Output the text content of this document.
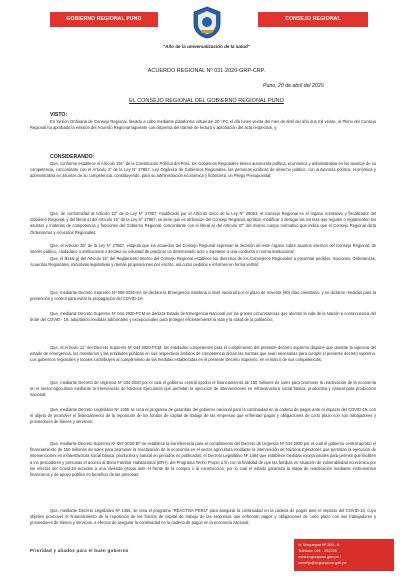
GOBIERNO REGIONAL PUNO	CONSEJO REGIONAL
"Año de la universalización de la salud"
ACUERDO REGIONAL Nº 031-2020-GRP-CRP.
Puno, 20 de abril del 2020.
EL CONSEJO REGIONAL DEL GOBIERNO REGIONAL PUNO
VISTO:
En Sesión Ordinaria de Consejo Regional, llevado a cabo mediante plataforma virtual así 20 l PC el día lunes veinte del mes de abril del año dos mil veinte, el Pleno del Consejo Regional ha aprobado la emisión del Acuerdo Regional siguiente con dispensa del trámite de lectura y aprobación del acta respectiva, y;
CONSIDERANDO:
Que, conforme establece el Artículo 191° de la Constitución Política del Perú, los Gobiernos Regionales tienen autonomía política, económica y administrativa en los asuntos de su competencia, concordante con el Artículo 2° de la Ley N° 27867, Ley Orgánica de Gobiernos Regionales, las personas jurídicas de derecho público, con autonomía política, económica y administrativa en asuntos de su competencia, constituyendo, para su administración económica y financiera, un Pliego Presupuestal;
Que, de conformidad al Artículo 13° de la Ley N° 27867, modificado por el Artículo único de la Ley N° 29053, el Consejo Regional es el órgano normativo y fiscalizador del Gobierno Regional, y del literal a) del Artículo 15° de la Ley N° 27867, se tiene que es atribución del Consejo Regional, aprobar, modificar o derogar las normas que regulen o reglamenten los asuntos y materias de competencia y funciones del Gobierno Regional, concordante con el literal a) del Artículo 37° del mismo cuerpo normativo que indica que el Consejo Regional dicta Ordenanzas y Acuerdos Regionales;
Que, el Artículo 39° de la Ley N° 27867, estipula que los acuerdos del Consejo Regional expresan la decisión de este órgano sobre asuntos internos del Consejo Regional, de interés público, ciudadano o institucional o declara su voluntad de practicar un determinado acto o sujetarse a una conducta o norma institucional;
Que, el literal g) del Artículo 15° del Reglamento Interno del Consejo Regional establece los derechos de los Consejeros Regionales a presentar pedidos, mociones, Ordenanzas, Acuerdos Regionales, iniciativas legislativas y demás proposiciones por escrito, así como pedidos e informes en forma verbal;
Que, mediante Decreto Supremo Nº 008-2020-SA se declara la Emergencia Sanitaria a nivel nacional por el plazo de noventa (90) días calendario, y se dictaron medidas para la prevención y control para evitar la propagación del COVID-19;
Que, mediante Decreto Supremo Nº 044-2020-PCM se declara Estado de Emergencia Nacional por las graves circunstancias que afectan la vida de la Nación a consecuencia del brote del COVID - 19, adoptando medidas adicionales y excepcionales para proteger eficientemente la vida y la salud de la población;
Que, el Artículo 11° del Decreto Supremo Nº 044-2020-PCM, las entidades competentes para el cumplimiento del presente decreto supremo dispone que durante la vigencia del estado de emergencia, los ministerios y las entidades públicas en sus respectivos ámbitos de competencia dictan las normas que sean necesarias para cumplir el presente decreto supremo. Los gobiernos regionales y locales contribuyen al cumplimiento de las medidas establecidas en el presente Decreto Supremo, en el marco de sus competencias;
Que, mediante Decreto de Urgencia Nº 034-2020 por el cual el gobierno central aprobó el financiamiento de 150 millones de soles para promover la reactivación de la economía en el sector agricultura mediante la intervención de Núcleos Ejecutores que permitan la ejecución de intervenciones en infraestructura social básica, productiva y natural para producción nacional;
Que, mediante Decreto Legislativo Nº 1455 se crea el programa de garantías del gobierno nacional para la continuidad en la cadena de pagos ante el impacto del COVID-19, con el objeto de promover el financiamiento de la reposición de los fondos de capital de trabajo de las empresas que enfrentan pagos y obligaciones de corto plazo con sus trabajadores y proveedores de bienes y servicios;
Que, mediante Decreto Supremo Nº 057-2020-EF se establece la transferencia para el cumplimiento del Decreto de Urgencia Nº 034-2020 por el cual el gobierno central aprobó el financiamiento de 150 millones de soles para promover la reactivación de la economía en el sector agricultura mediante la intervención de Núcleos Ejecutores que permitan la ejecución de intervenciones en infraestructura social básica, productiva y natural en periodos no publicados; el Decreto Legislativo Nº 1464 que establece medidas excepcionales para permitir que faciliten a los pescadores y personas el acceso al Bono Familiar Habitacional (BFH), del Programa Techo Propio a fin con la finalidad de que las familias en situación de vulnerabilidad económica por los efectos del Covid-19 accedan a una vivienda propia ante el frente de la compra o la construcción, por lo cual el estado garantiza la etapa de reactivación mediante instrumentos financieros y de apoyo público en beneficio de las personas;
Que, mediante Decreto Legislativo Nº 1455, se crea el programa "REACTIVA PERÚ" para asegurar la continuidad en la cadena de pagos ante el impacto del COVID-19, cuyo objetivo promover el financiamiento de la reposición de los fondos de capital de trabajo de las empresas que enfrentan pagos y obligaciones de corto plazo con sus trabajadores y proveedores de bienes y servicios, a efectos de asegurar la continuidad en la cadena de pagos en la economía nacional;
Prioridad y aliados para el buen gobierno
Jr. Moquegua Nº 269 - A
Teléfono: 051 - 352220
www.regionpuno.gob.pe / consejo@regionpuno.gob.pe
